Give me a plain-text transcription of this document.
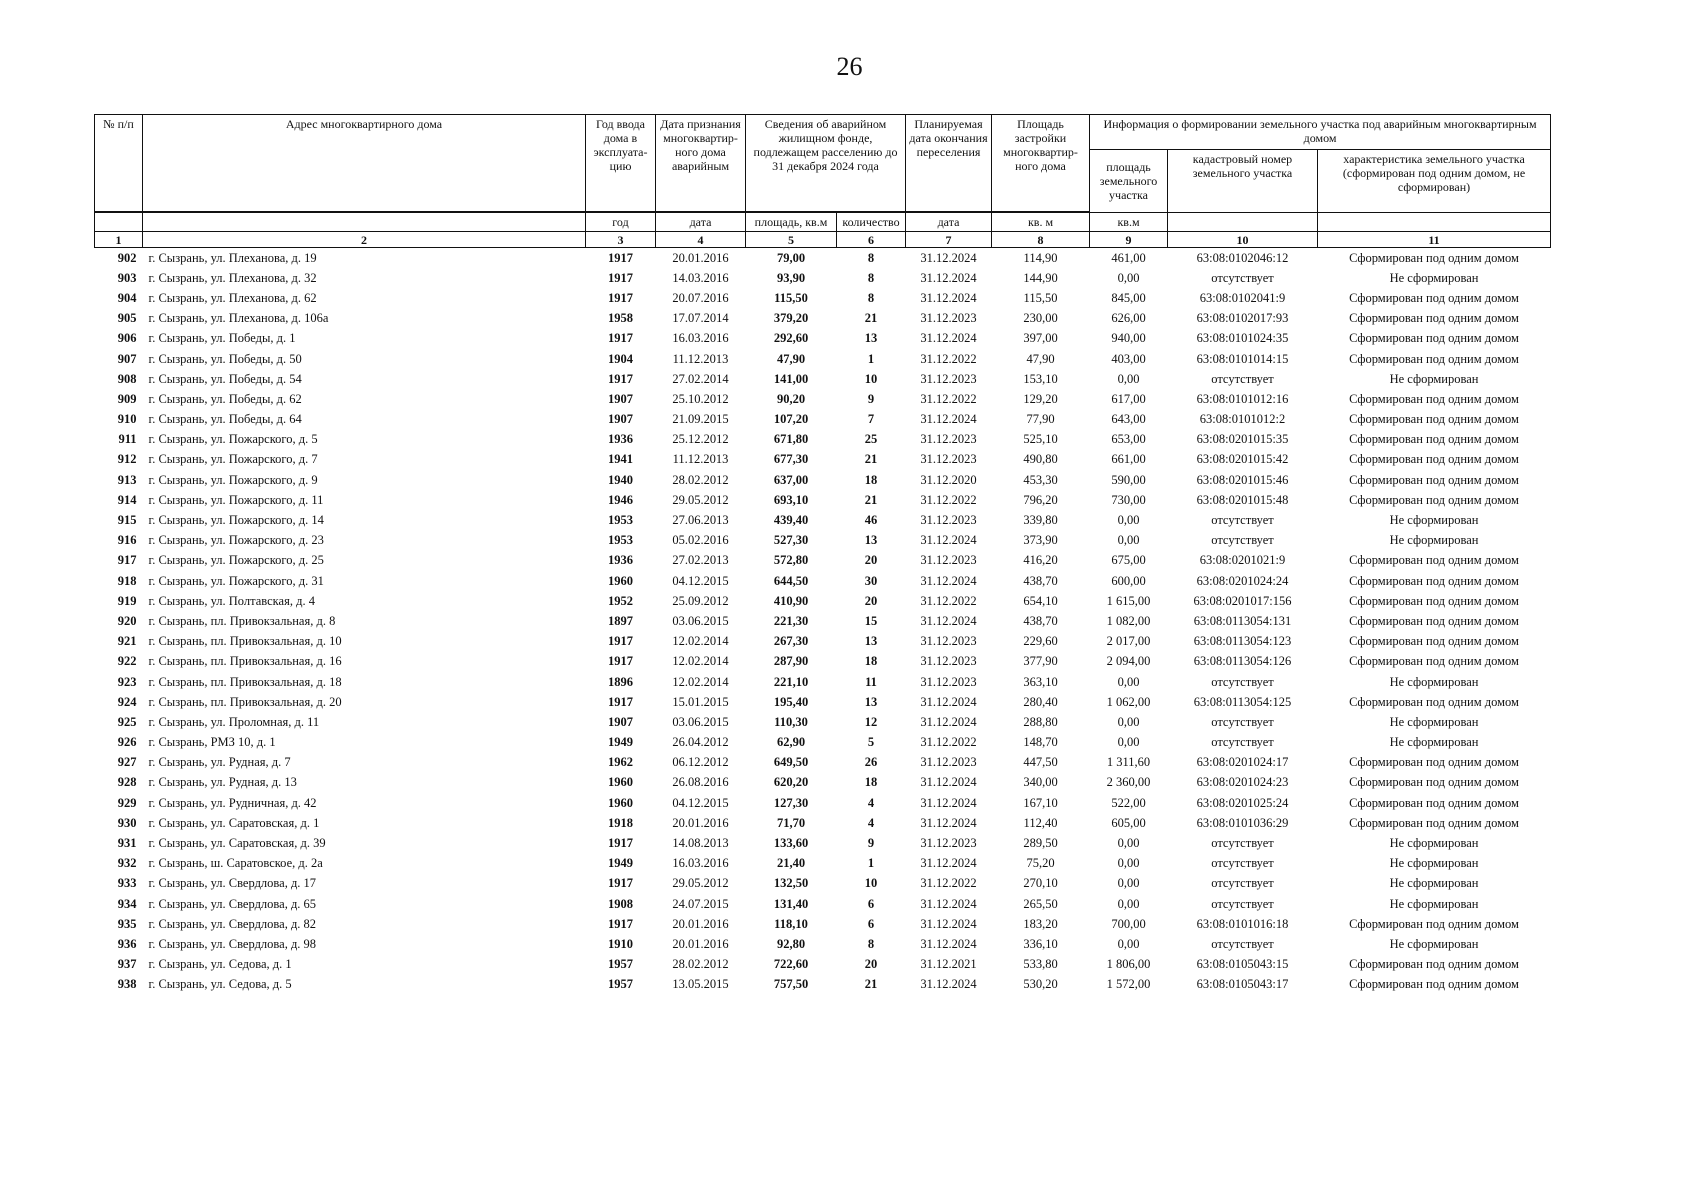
26
№ п/п	Адрес многоквартирного дома	Год ввода дома в эксплуата-цию	Дата признания многоквартир-ного дома аварийным	Сведения об аварийном жилищном фонде, подлежащем расселению до 31 декабря 2024 года		Планируемая дата окончания переселения	Площадь застройки многоквартир-ного дома	Информация о формировании земельного участка под аварийным многоквартирным домом		
								площадь земельного участка	кадастровый номер земельного участка	характеристика земельного участка (сформирован под одним домом, не сформирован)

		год	дата	площадь, кв.м	количество	дата	кв. м	кв.м		
1	2	3	4	5	6	7	8	9	10	11
902	г. Сызрань, ул. Плеханова, д. 19	1917	20.01.2016	79,00	8	31.12.2024	114,90	461,00	63:08:0102046:12	Сформирован под одним домом
903	г. Сызрань, ул. Плеханова, д. 32	1917	14.03.2016	93,90	8	31.12.2024	144,90	0,00	отсутствует	Не сформирован
904	г. Сызрань, ул. Плеханова, д. 62	1917	20.07.2016	115,50	8	31.12.2024	115,50	845,00	63:08:0102041:9	Сформирован под одним домом
905	г. Сызрань, ул. Плеханова, д. 106а	1958	17.07.2014	379,20	21	31.12.2023	230,00	626,00	63:08:0102017:93	Сформирован под одним домом
906	г. Сызрань, ул. Победы, д. 1	1917	16.03.2016	292,60	13	31.12.2024	397,00	940,00	63:08:0101024:35	Сформирован под одним домом
907	г. Сызрань, ул. Победы, д. 50	1904	11.12.2013	47,90	1	31.12.2022	47,90	403,00	63:08:0101014:15	Сформирован под одним домом
908	г. Сызрань, ул. Победы, д. 54	1917	27.02.2014	141,00	10	31.12.2023	153,10	0,00	отсутствует	Не сформирован
909	г. Сызрань, ул. Победы, д. 62	1907	25.10.2012	90,20	9	31.12.2022	129,20	617,00	63:08:0101012:16	Сформирован под одним домом
910	г. Сызрань, ул. Победы, д. 64	1907	21.09.2015	107,20	7	31.12.2024	77,90	643,00	63:08:0101012:2	Сформирован под одним домом
911	г. Сызрань, ул. Пожарского, д. 5	1936	25.12.2012	671,80	25	31.12.2023	525,10	653,00	63:08:0201015:35	Сформирован под одним домом
912	г. Сызрань, ул. Пожарского, д. 7	1941	11.12.2013	677,30	21	31.12.2023	490,80	661,00	63:08:0201015:42	Сформирован под одним домом
913	г. Сызрань, ул. Пожарского, д. 9	1940	28.02.2012	637,00	18	31.12.2020	453,30	590,00	63:08:0201015:46	Сформирован под одним домом
914	г. Сызрань, ул. Пожарского, д. 11	1946	29.05.2012	693,10	21	31.12.2022	796,20	730,00	63:08:0201015:48	Сформирован под одним домом
915	г. Сызрань, ул. Пожарского, д. 14	1953	27.06.2013	439,40	46	31.12.2023	339,80	0,00	отсутствует	Не сформирован
916	г. Сызрань, ул. Пожарского, д. 23	1953	05.02.2016	527,30	13	31.12.2024	373,90	0,00	отсутствует	Не сформирован
917	г. Сызрань, ул. Пожарского, д. 25	1936	27.02.2013	572,80	20	31.12.2023	416,20	675,00	63:08:0201021:9	Сформирован под одним домом
918	г. Сызрань, ул. Пожарского, д. 31	1960	04.12.2015	644,50	30	31.12.2024	438,70	600,00	63:08:0201024:24	Сформирован под одним домом
919	г. Сызрань, ул. Полтавская, д. 4	1952	25.09.2012	410,90	20	31.12.2022	654,10	1 615,00	63:08:0201017:156	Сформирован под одним домом
920	г. Сызрань, пл. Привокзальная, д. 8	1897	03.06.2015	221,30	15	31.12.2024	438,70	1 082,00	63:08:0113054:131	Сформирован под одним домом
921	г. Сызрань, пл. Привокзальная, д. 10	1917	12.02.2014	267,30	13	31.12.2023	229,60	2 017,00	63:08:0113054:123	Сформирован под одним домом
922	г. Сызрань, пл. Привокзальная, д. 16	1917	12.02.2014	287,90	18	31.12.2023	377,90	2 094,00	63:08:0113054:126	Сформирован под одним домом
923	г. Сызрань, пл. Привокзальная, д. 18	1896	12.02.2014	221,10	11	31.12.2023	363,10	0,00	отсутствует	Не сформирован
924	г. Сызрань, пл. Привокзальная, д. 20	1917	15.01.2015	195,40	13	31.12.2024	280,40	1 062,00	63:08:0113054:125	Сформирован под одним домом
925	г. Сызрань, ул. Проломная, д. 11	1907	03.06.2015	110,30	12	31.12.2024	288,80	0,00	отсутствует	Не сформирован
926	г. Сызрань, РМЗ 10, д. 1	1949	26.04.2012	62,90	5	31.12.2022	148,70	0,00	отсутствует	Не сформирован
927	г. Сызрань, ул. Рудная, д. 7	1962	06.12.2012	649,50	26	31.12.2023	447,50	1 311,60	63:08:0201024:17	Сформирован под одним домом
928	г. Сызрань, ул. Рудная, д. 13	1960	26.08.2016	620,20	18	31.12.2024	340,00	2 360,00	63:08:0201024:23	Сформирован под одним домом
929	г. Сызрань, ул. Рудничная, д. 42	1960	04.12.2015	127,30	4	31.12.2024	167,10	522,00	63:08:0201025:24	Сформирован под одним домом
930	г. Сызрань, ул. Саратовская, д. 1	1918	20.01.2016	71,70	4	31.12.2024	112,40	605,00	63:08:0101036:29	Сформирован под одним домом
931	г. Сызрань, ул. Саратовская, д. 39	1917	14.08.2013	133,60	9	31.12.2023	289,50	0,00	отсутствует	Не сформирован
932	г. Сызрань, ш. Саратовское, д. 2а	1949	16.03.2016	21,40	1	31.12.2024	75,20	0,00	отсутствует	Не сформирован
933	г. Сызрань, ул. Свердлова, д. 17	1917	29.05.2012	132,50	10	31.12.2022	270,10	0,00	отсутствует	Не сформирован
934	г. Сызрань, ул. Свердлова, д. 65	1908	24.07.2015	131,40	6	31.12.2024	265,50	0,00	отсутствует	Не сформирован
935	г. Сызрань, ул. Свердлова, д. 82	1917	20.01.2016	118,10	6	31.12.2024	183,20	700,00	63:08:0101016:18	Сформирован под одним домом
936	г. Сызрань, ул. Свердлова, д. 98	1910	20.01.2016	92,80	8	31.12.2024	336,10	0,00	отсутствует	Не сформирован
937	г. Сызрань, ул. Седова, д. 1	1957	28.02.2012	722,60	20	31.12.2021	533,80	1 806,00	63:08:0105043:15	Сформирован под одним домом
938	г. Сызрань, ул. Седова, д. 5	1957	13.05.2015	757,50	21	31.12.2024	530,20	1 572,00	63:08:0105043:17	Сформирован под одним домом
